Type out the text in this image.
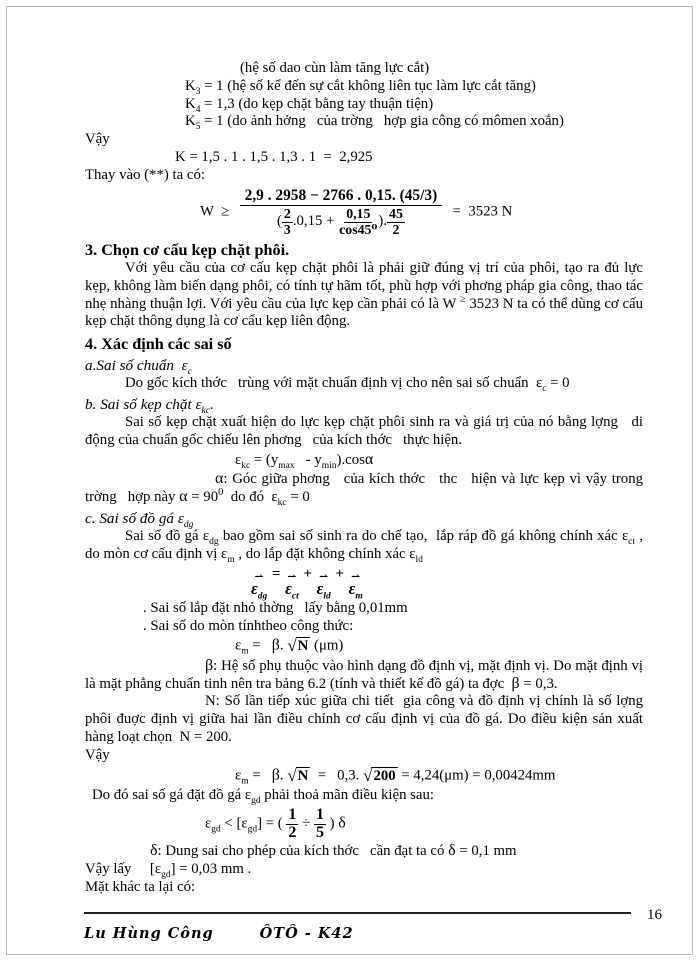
(hệ số dao cùn làm tăng lực cắt)
$K_3 = 1$ (hệ số kể đến sự cắt không liên tục làm lực cắt tăng)
$K_4 = 1,3$ (do kẹp chặt bằng tay thuận tiện)
$K_5 = 1$ (do ảnh hởng   của trờng   hợp gia công có mômen xoắn)
Vậy
K = 1,5 . 1 . 1,5 . 1,3 . 1  =  2,925
Thay vào (**) ta có:
$W \ge \frac{2,9 . 2958 - 2766 . 0,15. (45/3)}{( \frac{2}{3} .0,15 + \frac{0,15}{\text{cos45⁰}} ). \frac{45}{2}} = 3523$ N
3. Chọn cơ cấu kẹp chặt phôi.
Với yêu cầu của cơ cấu kẹp chặt phôi là phải giữ đúng vị trí của phôi, tạo ra đủ lực kẹp, không làm biến dạng phôi, có tính tự hãm tốt, phù hợp với phơng pháp gia công, thao tác nhẹ nhàng thuận lợi. Với yêu cầu của lực kẹp cần phải có là W ≥ 3523 N ta có thể dùng cơ cấu kẹp chặt thông dụng là cơ cấu kẹp liên động.
4. Xác định các sai số
a.Sai số chuẩn  $\varepsilon_c$
Do gốc kích thớc   trùng với mặt chuẩn định vị cho nên sai số chuẩn  $\varepsilon_c = 0$
b. Sai số kẹp chặt $\varepsilon_{kc}$.
Sai số kẹp chặt xuất hiện do lực kẹp chặt phôi sinh ra và giá trị của nó bằng lợng   di động của chuẩn gốc chiếu lên phơng   của kích thớc   thực hiện.
$\varepsilon_{kc} = (y_{max} - y_{min}).\cos\alpha$
α: Góc giữa phơng   của kích thớc   thc   hiện và lực kẹp vì vậy trong trờng   hợp này $\alpha = 90^0$  do đó  $\varepsilon_{kc} = 0$
c. Sai số đồ gá $\varepsilon_{dg}$
Sai số đồ gá $\varepsilon_{dg}$ bao gồm sai số sinh ra do chế tạo,  lắp ráp đồ gá không chính xác $\varepsilon_{ct}$ , do mòn cơ cấu định vị $\varepsilon_m$ , do lắp đặt không chính xác $\varepsilon_{ld}$
⇀
$\varepsilon_{dg}$
= ⇀
$\varepsilon_{ct}$
+ ⇀
$\varepsilon_{ld}$
+ ⇀
$\varepsilon_m$
. Sai số lắp đặt nhỏ thờng   lấy bằng 0,01mm
. Sai số do mòn tínhtheo công thức:
$\varepsilon_m = \beta$. √ N (μm)
β: Hệ số phụ thuộc vào hình dạng đồ định vị, mặt định vị. Do mặt định vị là mặt phẳng chuẩn tinh nên tra bảng 6.2 (tính và thiết kế đồ gá) ta đợc  β = 0,3.
N: Số lần tiếp xúc giữa chi tiết  gia công và đồ định vị chính là số lợng   phôi đuợc định vị giữa hai lần điều chỉnh cơ cấu định vị của đồ gá. Do điều kiện sản xuất hàng loạt chọn  N = 200.
Vậy
$\varepsilon_m = \beta$. √ N =   0,3. √ 200 = 4,24(μm) = 0,00424mm
Do đó sai số gá đặt đồ gá $\varepsilon_{gd}$ phải thoả mãn điều kiện sau:
$\varepsilon_{gd} < [\varepsilon_{gd}]$ = ( $\frac{1}{2} \div \frac{1}{5}$ ) δ
δ: Dung sai cho phép của kích thớc   cần đạt ta có δ = 0,1 mm
Vậy lấy     $[\varepsilon_{gd}] = 0,03$ mm .
Mặt khác ta lại có:
16
Lu Hùng Công	ÔTÔ - K42
